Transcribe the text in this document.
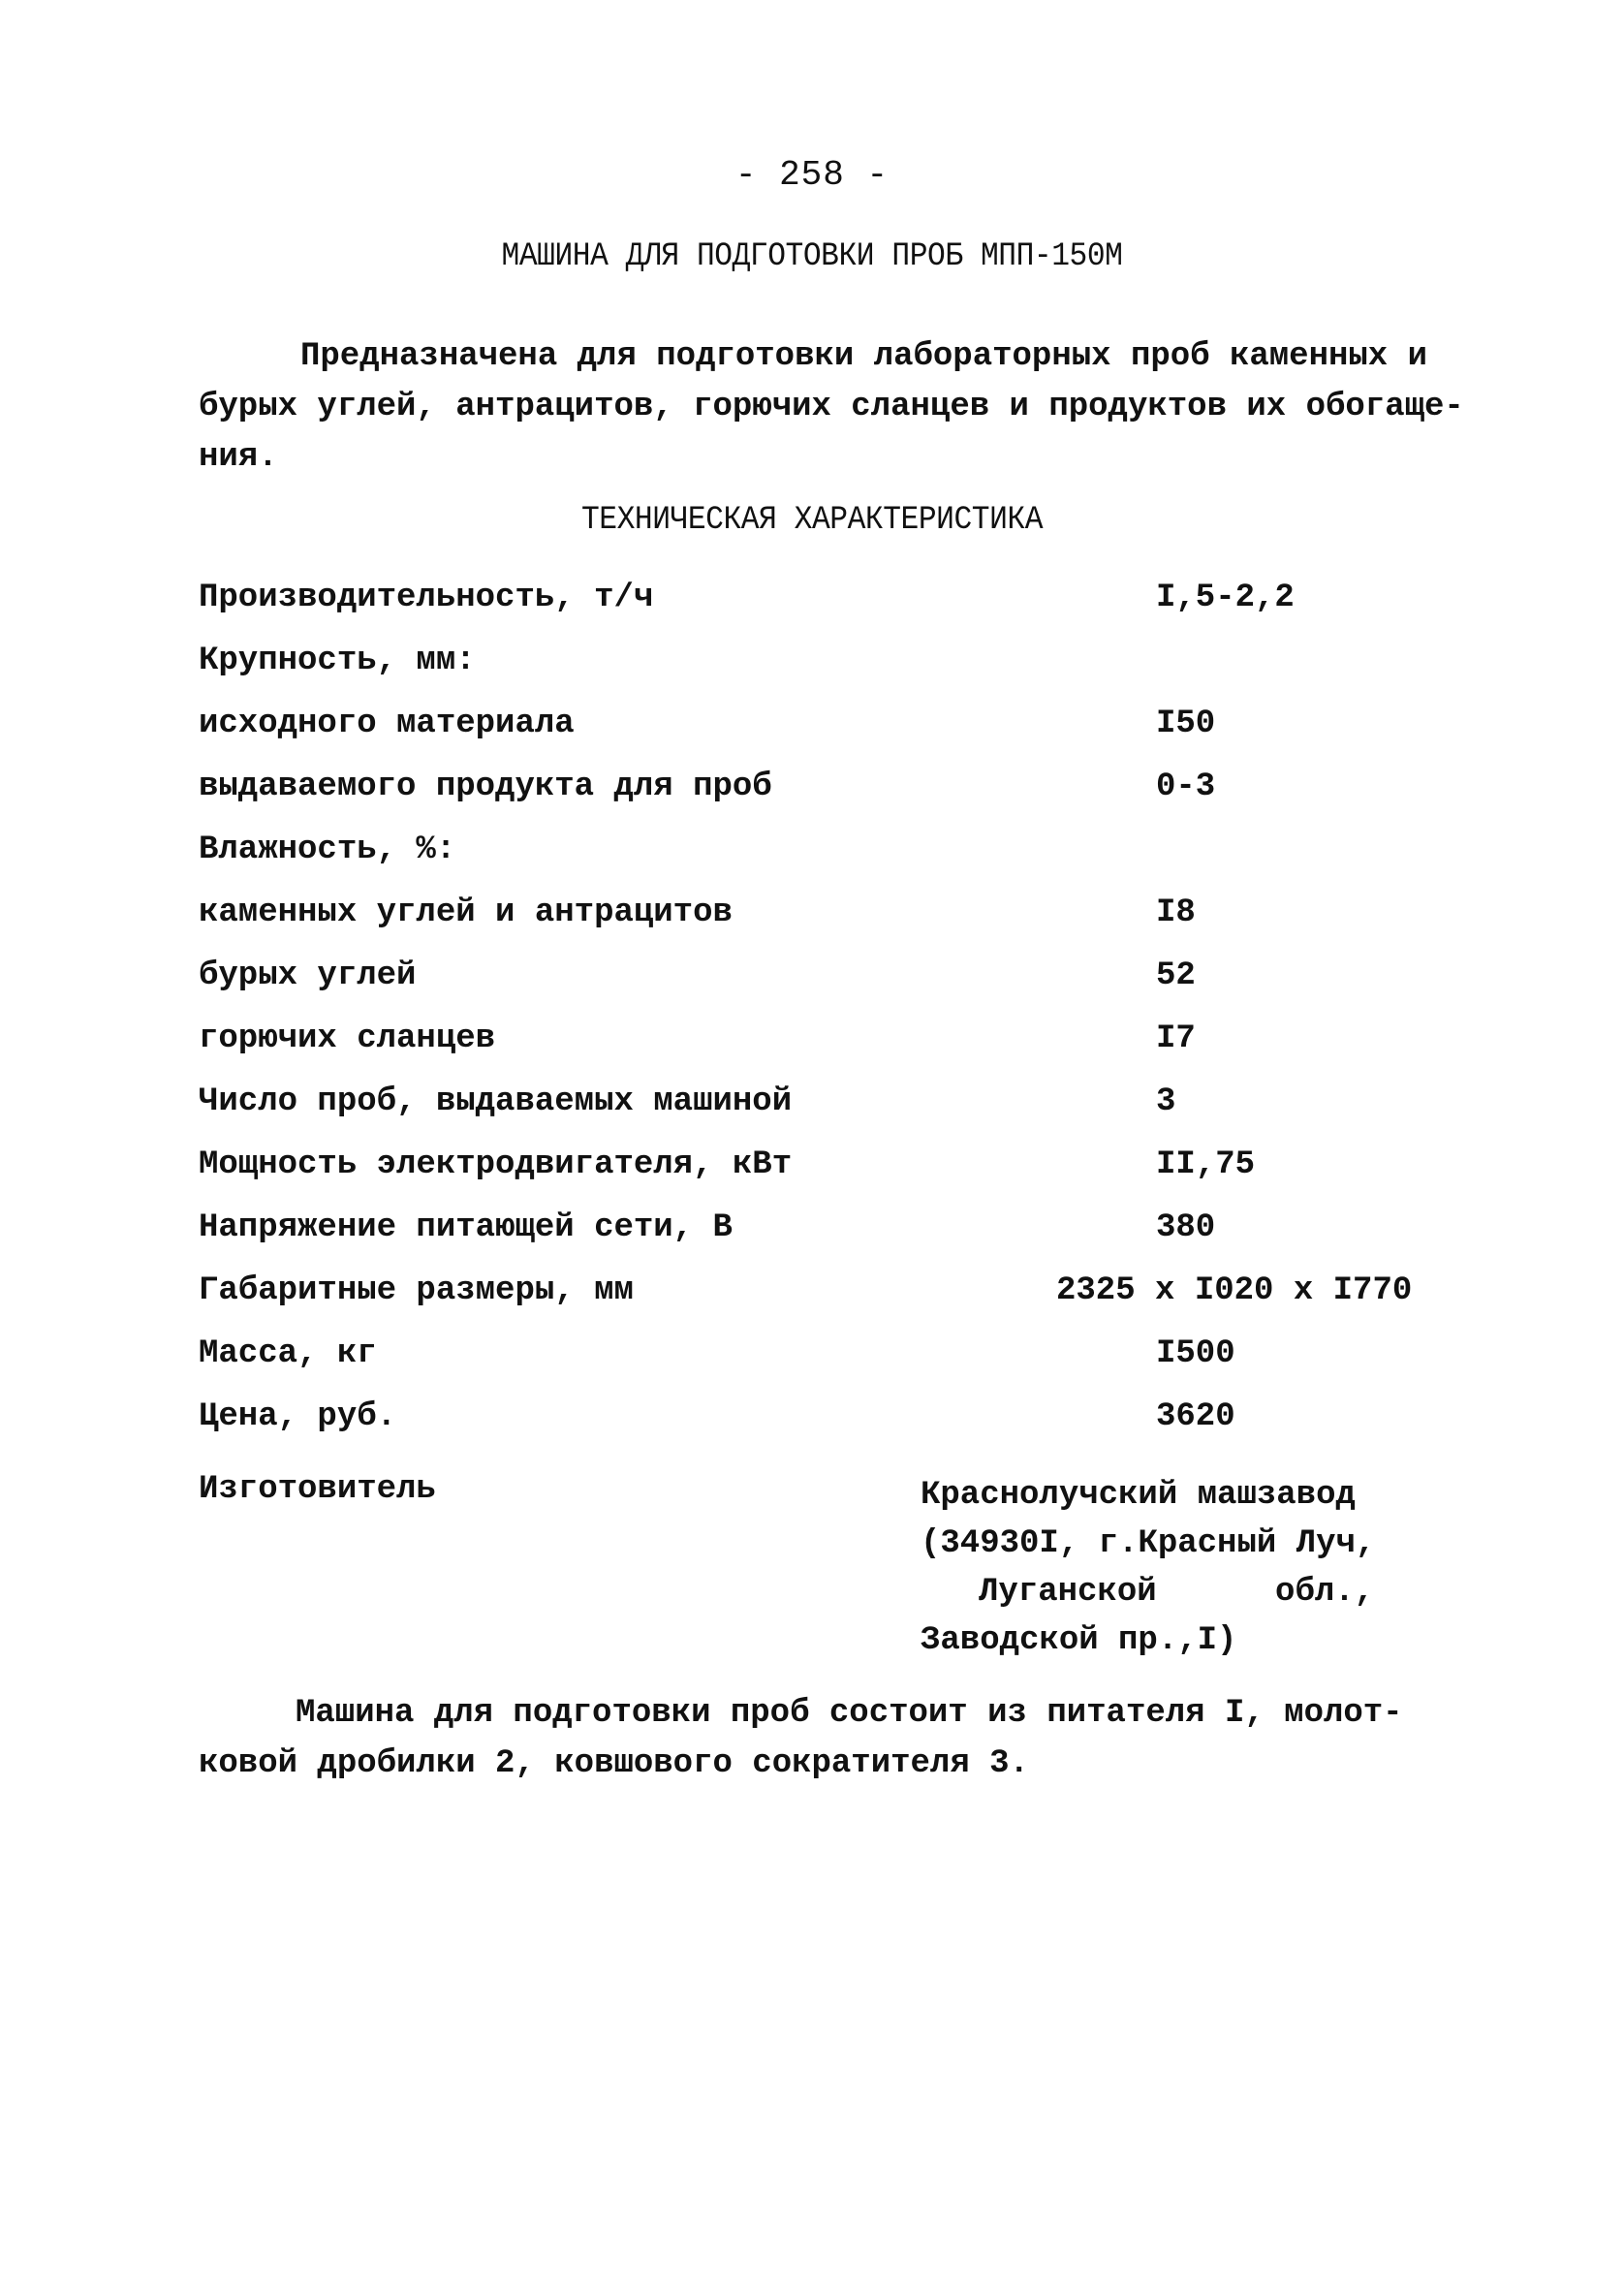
- 258 -
МАШИНА ДЛЯ ПОДГОТОВКИ ПРОБ МПП-150М
Предназначена для подготовки лабораторных проб каменных и
бурых углей, антрацитов, горючих сланцев и продуктов их обогаще-
ния.
ТЕХНИЧЕСКАЯ ХАРАКТЕРИСТИКА
Производительность, т/ч	I,5-2,2
Крупность, мм:
исходного материала	I50
выдаваемого продукта для проб	0-3
Влажность, %:
каменных углей и антрацитов	I8
бурых углей	52
горючих сланцев	I7
Число проб, выдаваемых машиной	3
Мощность электродвигателя, кВт	II,75
Напряжение питающей сети, В	380
Габаритные размеры, мм	2325 x I020 x I770
Масса, кг	I500
Цена, руб.	3620
Изготовитель	Краснолучский машзавод
(34930I, г.Красный Луч,
Луганской      обл.,
Заводской пр.,I)
Машина для подготовки проб состоит из питателя I, молот-
ковой дробилки 2, ковшового сократителя 3.
